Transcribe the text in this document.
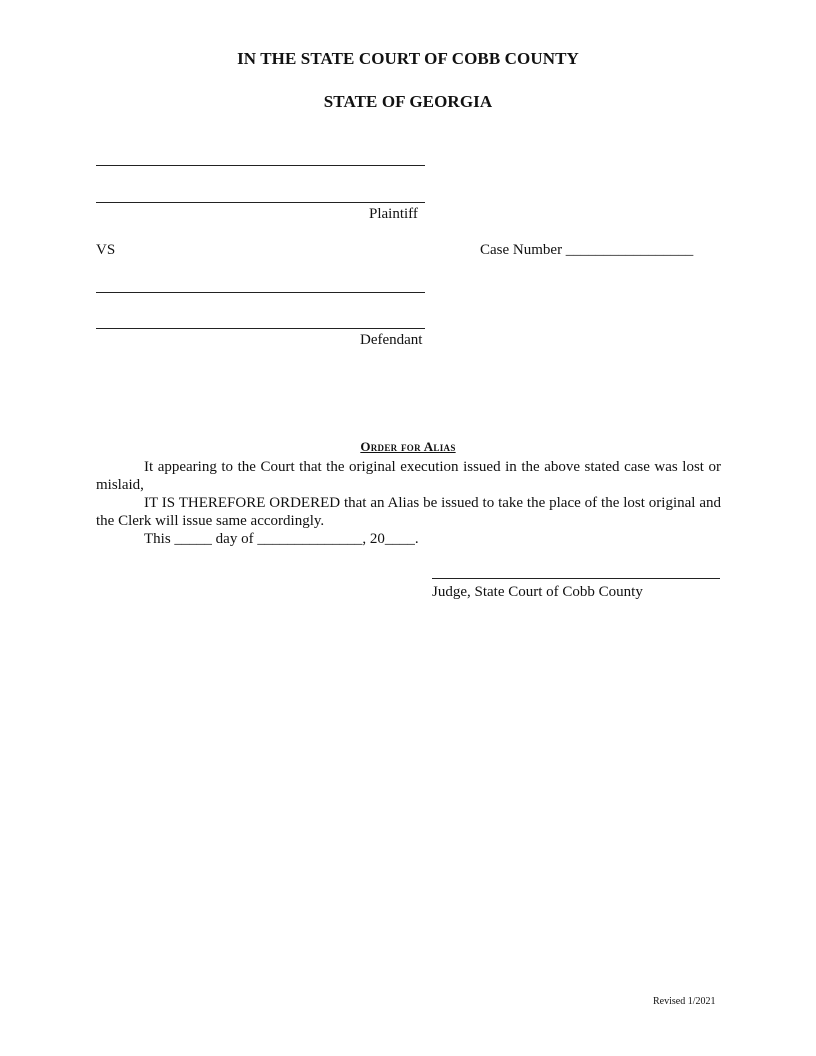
IN THE STATE COURT OF COBB COUNTY
STATE OF GEORGIA
Plaintiff
VS	Case Number _________________
Defendant
Order for Alias

It appearing to the Court that the original execution issued in the above stated case was lost or mislaid,

IT IS THEREFORE ORDERED that an Alias be issued to take the place of the lost original and the Clerk will issue same accordingly.

This _____ day of ______________, 20____.

Judge, State Court of Cobb County
Revised 1/2021
